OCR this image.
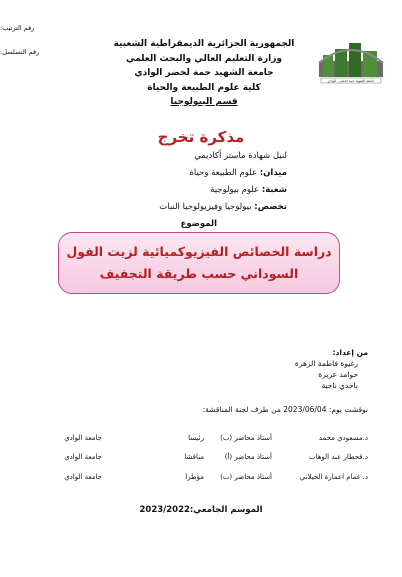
رقم الترتيب:
رقم التسلسل:
جامعة الشهيد حمة لخضر - الوادي
الجمهورية الجزائرية الديمقراطية الشعبية
وزارة التعليم العالي والبحث العلمي
جامعة الشهيد حمة لخضر الوادي
كلية علوم الطبيعة والحياة
قسم البيولوجيا
مذكرة تخرج
لنيل شهادة ماستر أكاديمي
ميدان: علوم الطبيعة وحياة
شعبة: علوم بيولوجية
تخصص: بيولوجيا وفيزيولوجيا النبات
الموضوع
دراسة الخصائص الفيزيوكميائية لزيت الفول
السوداني حسب طريقة التجفيف
من إعداد:
رغيوة فاطمة الزهرة
حوامد عزيزة
باحدي ناجية
نوقشت يوم: 2023/06/04 من طرف لجنة المناقشة:
د.مسعودي محمد
أستاذ محاضر (ب)
رئيسا
جامعة الوادي
د.قحطار عبد الوهاب
أستاذ محاضر (أ)
مناقشا
جامعة الوادي
د. غمام اعمارة الجيلاني
أستاذ محاضر (ب)
مؤطرا
جامعة الوادي
الموسم الجامعي:2023/2022
